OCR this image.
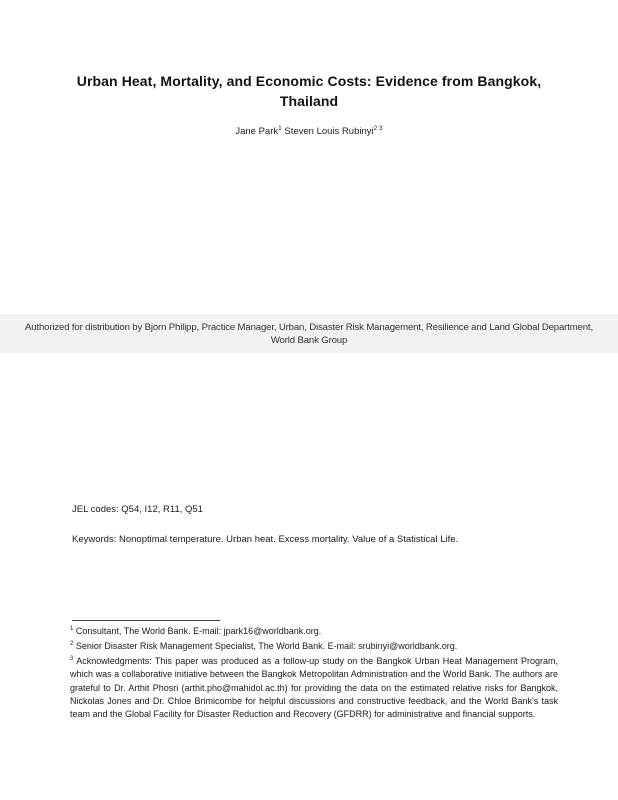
Urban Heat, Mortality, and Economic Costs: Evidence from Bangkok,
Thailand
Jane Park$^1$ Steven Louis Rubinyi$^{2 3}$
Authorized for distribution by Bjorn Philipp, Practice Manager, Urban, Disaster Risk Management, Resilience and Land Global Department,
World Bank Group
JEL codes: Q54, I12, R11, Q51
Keywords: Nonoptimal temperature. Urban heat. Excess mortality. Value of a Statistical Life.

$^1$ Consultant, The World Bank. E-mail: jpark16@worldbank.org.

$^2$ Senior Disaster Risk Management Specialist, The World Bank. E-mail: srubinyi@worldbank.org.

$^3$ Acknowledgments: This paper was produced as a follow-up study on the Bangkok Urban Heat Management Program, which was a collaborative initiative between the Bangkok Metropolitan Administration and the World Bank. The authors are grateful to Dr. Arthit Phosri (arthit.pho@mahidol.ac.th) for providing the data on the estimated relative risks for Bangkok, Nickolas Jones and Dr. Chloe Brimicombe for helpful discussions and constructive feedback, and the World Bank's task team and the Global Facility for Disaster Reduction and Recovery (GFDRR) for administrative and financial supports.
